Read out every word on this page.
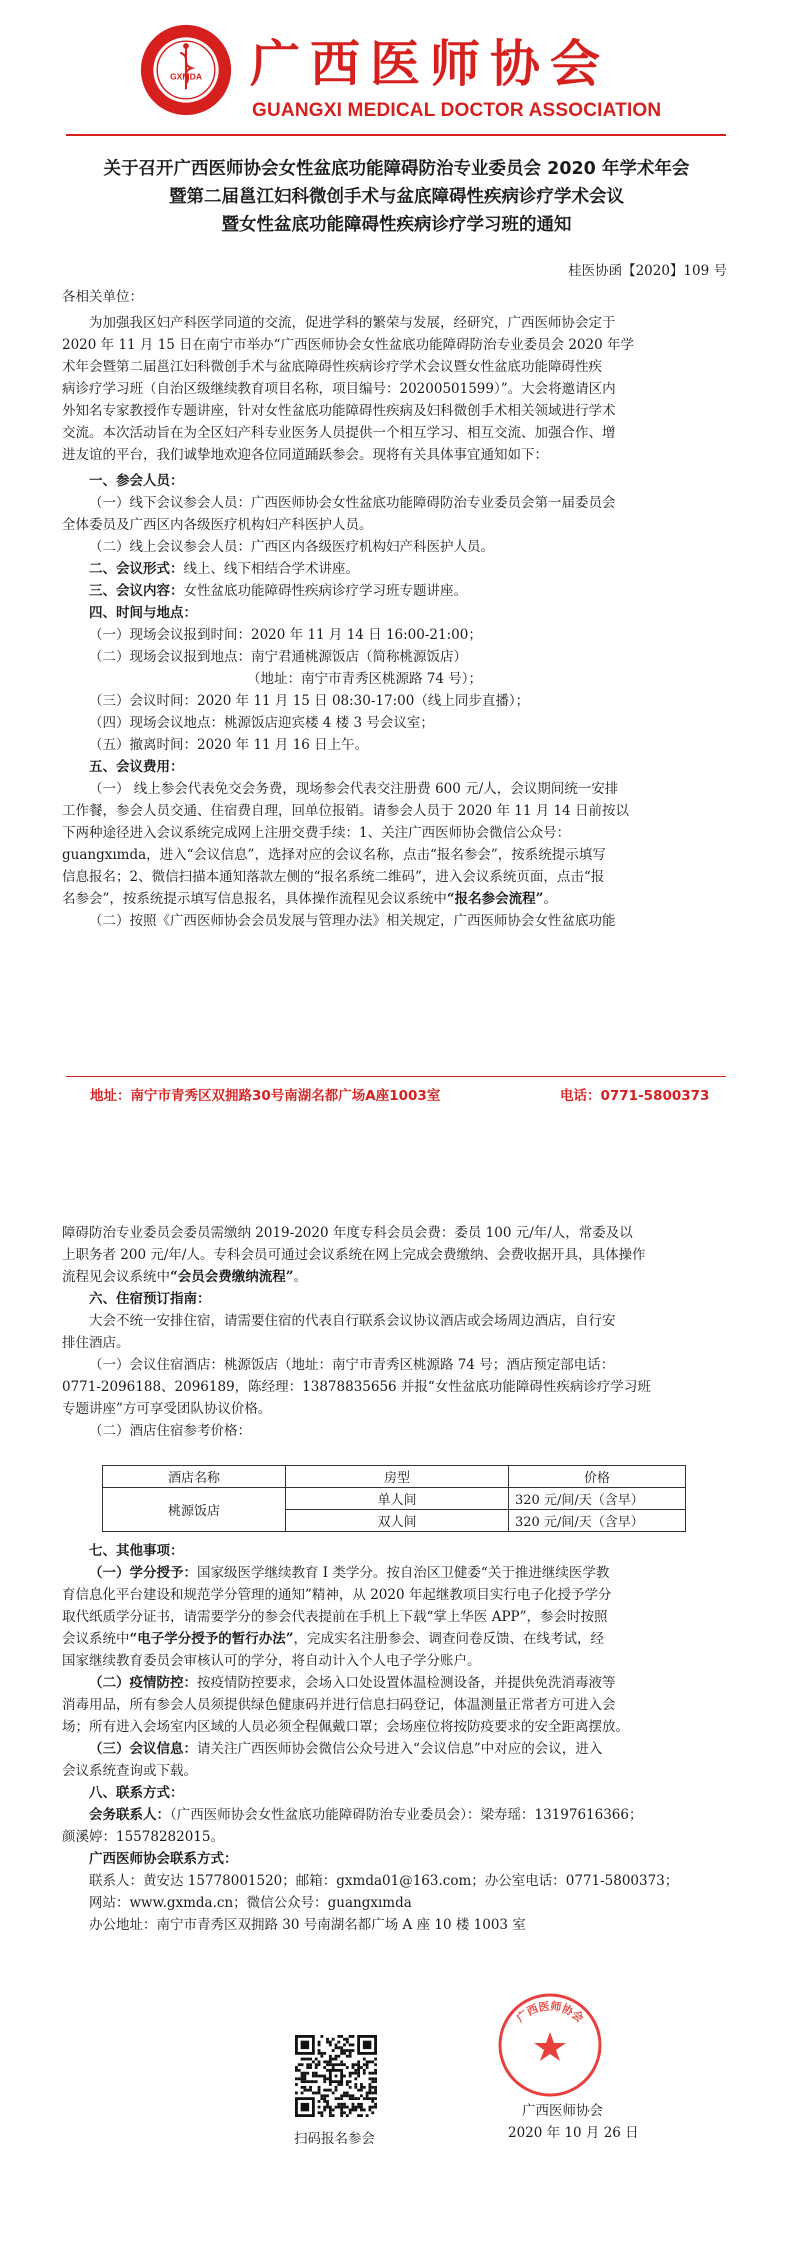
GXMDA 广西医师协会
GUANGXI MEDICAL DOCTOR ASSOCIATION
关于召开广西医师协会女性盆底功能障碍防治专业委员会 2020 年学术年会
暨第二届邕江妇科微创手术与盆底障碍性疾病诊疗学术会议
暨女性盆底功能障碍性疾病诊疗学习班的通知
桂医协函【2020】109 号
各相关单位：

为加强我区妇产科医学同道的交流，促进学科的繁荣与发展，经研究，广西医师协会定于

2020 年 11 月 15 日在南宁市举办“广西医师协会女性盆底功能障碍防治专业委员会 2020 年学

术年会暨第二届邕江妇科微创手术与盆底障碍性疾病诊疗学术会议暨女性盆底功能障碍性疾

病诊疗学习班（自治区级继续教育项目名称，项目编号：20200501599）”。大会将邀请区内

外知名专家教授作专题讲座，针对女性盆底功能障碍性疾病及妇科微创手术相关领域进行学术

交流。本次活动旨在为全区妇产科专业医务人员提供一个相互学习、相互交流、加强合作、增

进友谊的平台，我们诚挚地欢迎各位同道踊跃参会。现将有关具体事宜通知如下：

一、参会人员：

（一）线下会议参会人员：广西医师协会女性盆底功能障碍防治专业委员会第一届委员会

全体委员及广西区内各级医疗机构妇产科医护人员。

（二）线上会议参会人员：广西区内各级医疗机构妇产科医护人员。

二、会议形式：线上、线下相结合学术讲座。

三、会议内容：女性盆底功能障碍性疾病诊疗学习班专题讲座。

四、时间与地点：

（一）现场会议报到时间：2020 年 11 月 14 日 16:00-21:00；

（二）现场会议报到地点：南宁君通桃源饭店（简称桃源饭店）

（地址：南宁市青秀区桃源路 74 号）；

（三）会议时间：2020 年 11 月 15 日 08:30-17:00（线上同步直播）；

（四）现场会议地点：桃源饭店迎宾楼 4 楼 3 号会议室；

（五）撤离时间：2020 年 11 月 16 日上午。

五、会议费用：

（一） 线上参会代表免交会务费，现场参会代表交注册费 600 元/人，会议期间统一安排

工作餐，参会人员交通、住宿费自理，回单位报销。请参会人员于 2020 年 11 月 14 日前按以

下两种途径进入会议系统完成网上注册交费手续：1、关注广西医师协会微信公众号：

guangxımda，进入“会议信息”，选择对应的会议名称，点击“报名参会”，按系统提示填写

信息报名；2、微信扫描本通知落款左侧的“报名系统二维码”，进入会议系统页面，点击“报

名参会”，按系统提示填写信息报名，具体操作流程见会议系统中“报名参会流程”。

（二）按照《广西医师协会会员发展与管理办法》相关规定，广西医师协会女性盆底功能

地址：南宁市青秀区双拥路30号南湖名都广场A座1003室	电话：0771-5800373

障碍防治专业委员会委员需缴纳 2019-2020 年度专科会员会费：委员 100 元/年/人，常委及以

上职务者 200 元/年/人。专科会员可通过会议系统在网上完成会费缴纳、会费收据开具，具体操作

流程见会议系统中“会员会费缴纳流程”。

六、住宿预订指南：

大会不统一安排住宿，请需要住宿的代表自行联系会议协议酒店或会场周边酒店，自行安

排住酒店。

（一）会议住宿酒店：桃源饭店（地址：南宁市青秀区桃源路 74 号；酒店预定部电话：

0771-2096188、2096189，陈经理：13878835656 并报“女性盆底功能障碍性疾病诊疗学习班

专题讲座”方可享受团队协议价格。

（二）酒店住宿参考价格：

酒店名称	房型	价格
桃源饭店	单人间	320 元/间/天（含早）
	双人间	320 元/间/天（含早）

七、其他事项：

（一）学分授予：国家级医学继续教育 I 类学分。按自治区卫健委“关于推进继续医学教

育信息化平台建设和规范学分管理的通知”精神，从 2020 年起继教项目实行电子化授予学分

取代纸质学分证书，请需要学分的参会代表提前在手机上下载“掌上华医 APP”，参会时按照

会议系统中“电子学分授予的暂行办法”，完成实名注册参会、调查问卷反馈、在线考试，经

国家继续教育委员会审核认可的学分，将自动计入个人电子学分账户。

（二）疫情防控：按疫情防控要求，会场入口处设置体温检测设备，并提供免洗消毒液等

消毒用品，所有参会人员须提供绿色健康码并进行信息扫码登记，体温测量正常者方可进入会

场；所有进入会场室内区域的人员必须全程佩戴口罩；会场座位将按防疫要求的安全距离摆放。

（三）会议信息：请关注广西医师协会微信公众号进入“会议信息”中对应的会议，进入

会议系统查询或下载。

八、联系方式：

会务联系人：（广西医师协会女性盆底功能障碍防治专业委员会）：梁寿瑶：13197616366；

颜溪婷：15578282015。

广西医师协会联系方式：

联系人：黄安达 15778001520；邮箱：gxmda01@163.com；办公室电话：0771-5800373；

网站：www.gxmda.cn；微信公众号：guangxımda

办公地址：南宁市青秀区双拥路 30 号南湖名都广场 A 座 10 楼 1003 室

扫码报名参会
广西医师协会
广西医师协会
2020 年 10 月 26 日
